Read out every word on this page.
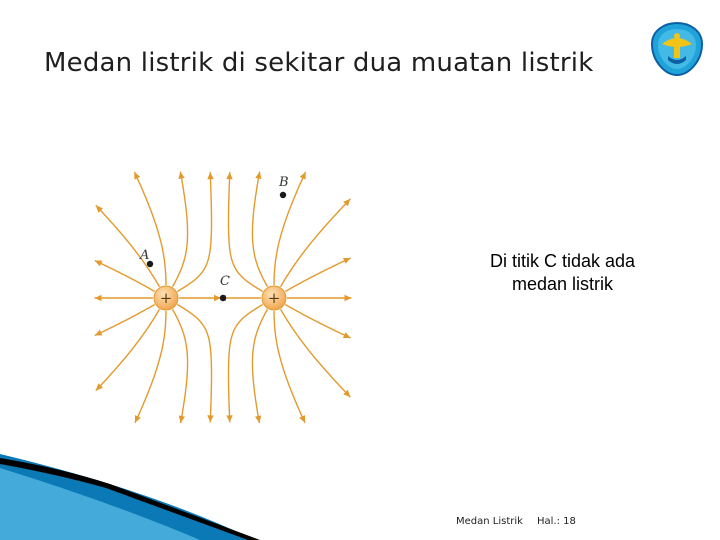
Medan listrik di sekitar dua muatan listrik
+	+
A
B
C
Di titik C tidak ada
medan listrik
Medan Listrik Hal.: 18
